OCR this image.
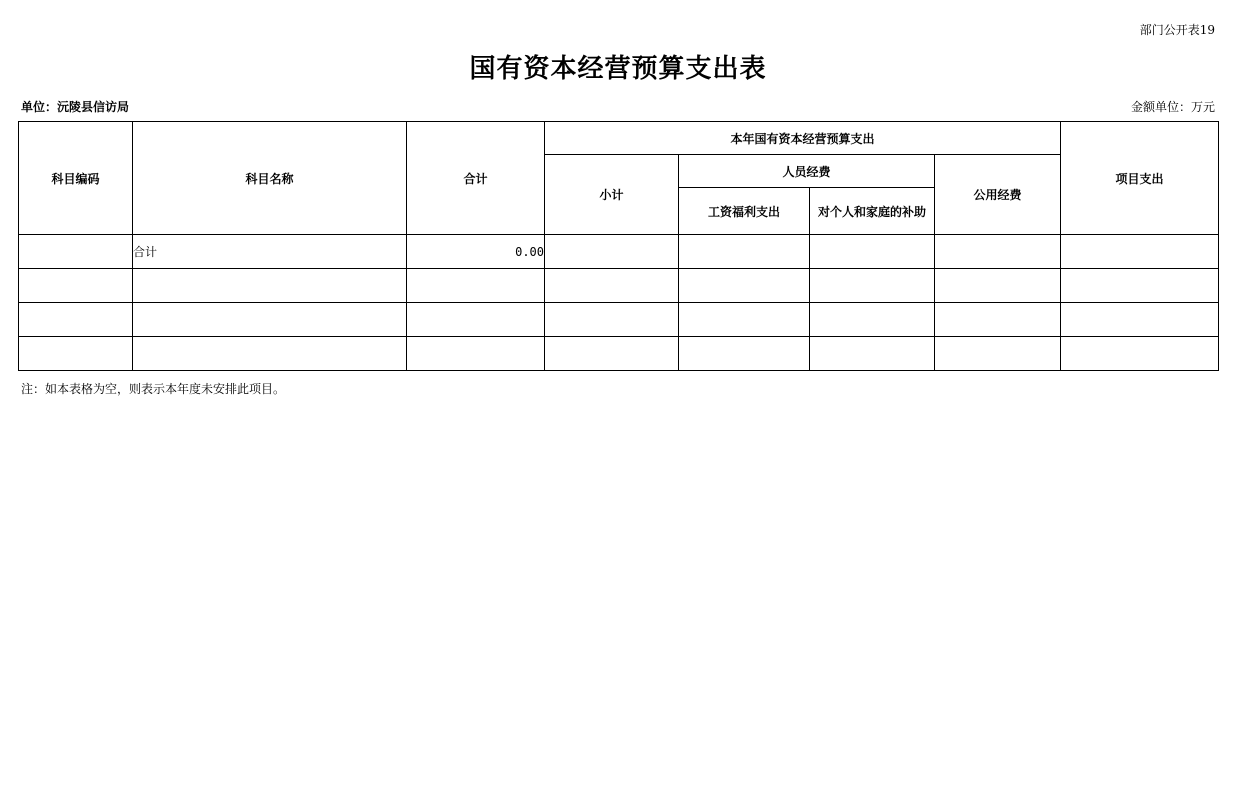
部门公开表19
国有资本经营预算支出表
单位：沅陵县信访局	金额单位：万元
科目编码	科目名称	合计	本年国有资本经营预算支出				项目支出
			小计	人员经费		公用经费	
				工资福利支出	对个人和家庭的补助		
	合计	0.00					

注：如本表格为空，则表示本年度未安排此项目。
